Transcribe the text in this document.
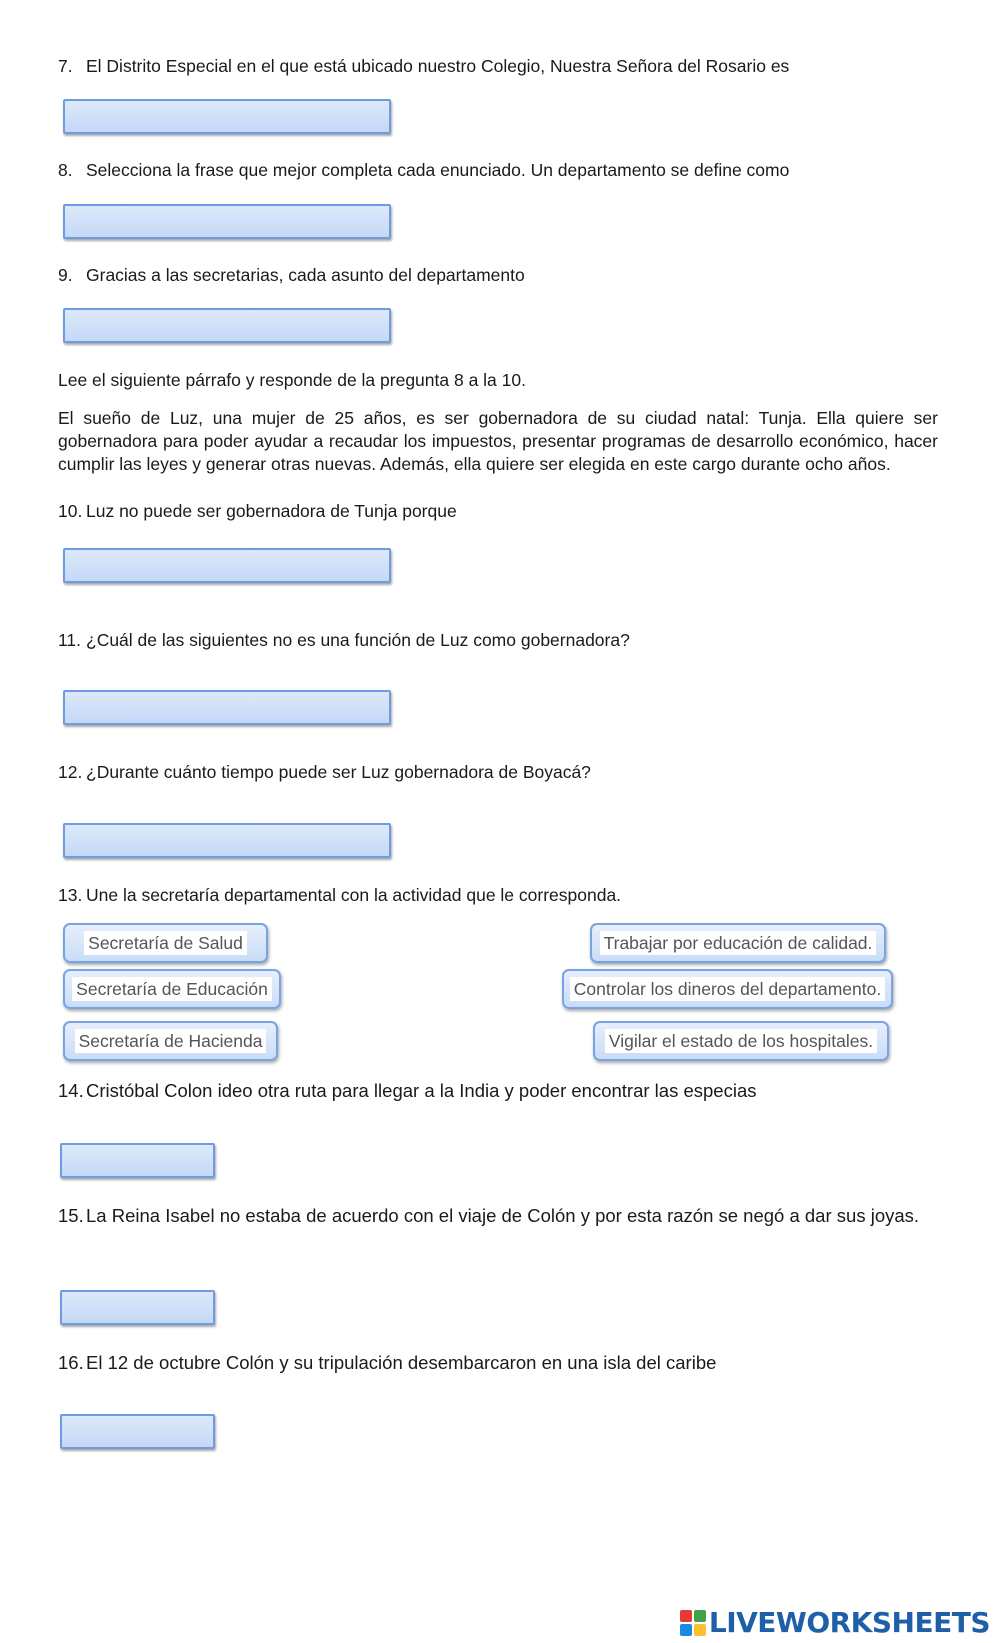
7. El Distrito Especial en el que está ubicado nuestro Colegio, Nuestra Señora del Rosario es
8. Selecciona la frase que mejor completa cada enunciado. Un departamento se define como
9. Gracias a las secretarias, cada asunto del departamento
Lee el siguiente párrafo y responde de la pregunta 8 a la 10.
El sueño de Luz, una mujer de 25 años, es ser gobernadora de su ciudad natal: Tunja. Ella quiere ser gobernadora para poder ayudar a recaudar los impuestos, presentar programas de desarrollo económico, hacer cumplir las leyes y generar otras nuevas. Además, ella quiere ser elegida en este cargo durante ocho años.
10. Luz no puede ser gobernadora de Tunja porque
11. ¿Cuál de las siguientes no es una función de Luz como gobernadora?
12. ¿Durante cuánto tiempo puede ser Luz gobernadora de Boyacá?
13. Une la secretaría departamental con la actividad que le corresponda.
Secretaría de Salud
Secretaría de Educación
Secretaría de Hacienda
Trabajar por educación de calidad.
Controlar los dineros del departamento.
Vigilar el estado de los hospitales.
14. Cristóbal Colon ideo otra ruta para llegar a la India y poder encontrar las especias
15. La Reina Isabel no estaba de acuerdo con el viaje de Colón y por esta razón se negó a dar sus joyas.
16. El 12 de octubre Colón y su tripulación desembarcaron en una isla del caribe
LIVEWORKSHEETS
